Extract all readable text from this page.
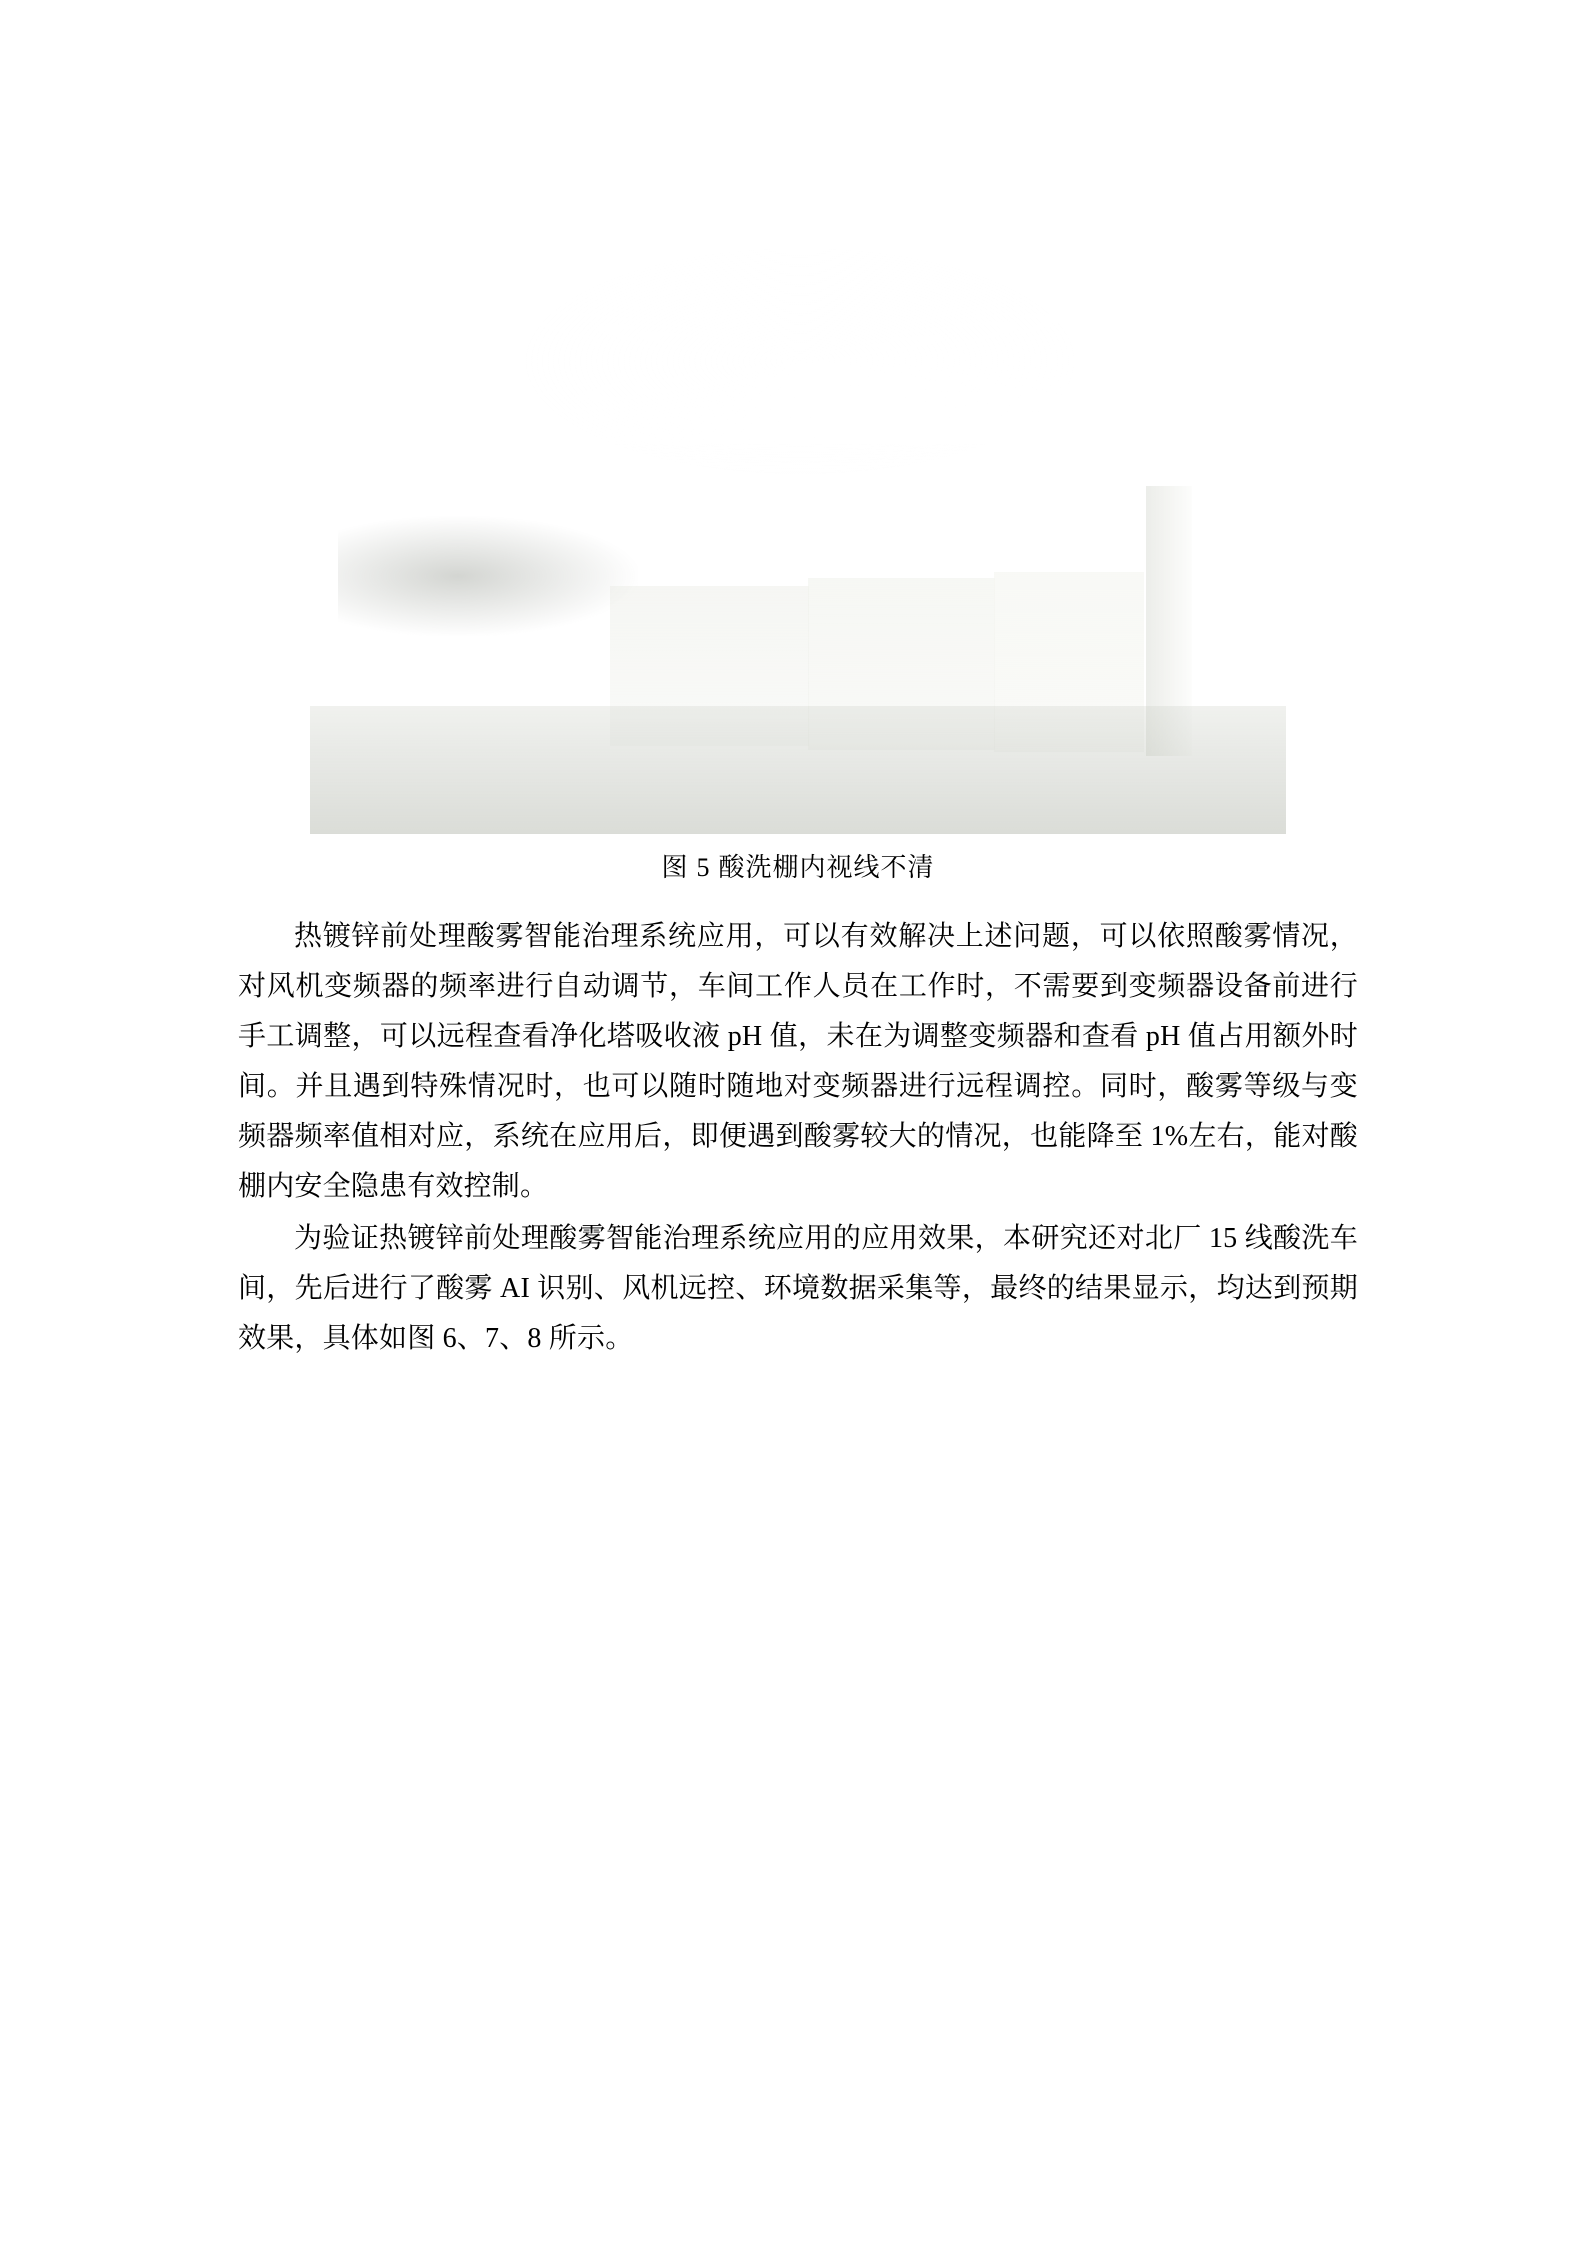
图 5 酸洗棚内视线不清

热镀锌前处理酸雾智能治理系统应用，可以有效解决上述问题，可以依照酸雾情况，对风机变频器的频率进行自动调节，车间工作人员在工作时，不需要到变频器设备前进行手工调整，可以远程查看净化塔吸收液 pH 值，未在为调整变频器和查看 pH 值占用额外时间。并且遇到特殊情况时，也可以随时随地对变频器进行远程调控。同时，酸雾等级与变频器频率值相对应，系统在应用后，即便遇到酸雾较大的情况，也能降至 1%左右，能对酸棚内安全隐患有效控制。

为验证热镀锌前处理酸雾智能治理系统应用的应用效果，本研究还对北厂 15 线酸洗车间，先后进行了酸雾 AI 识别、风机远控、环境数据采集等，最终的结果显示，均达到预期效果，具体如图 6、7、8 所示。
